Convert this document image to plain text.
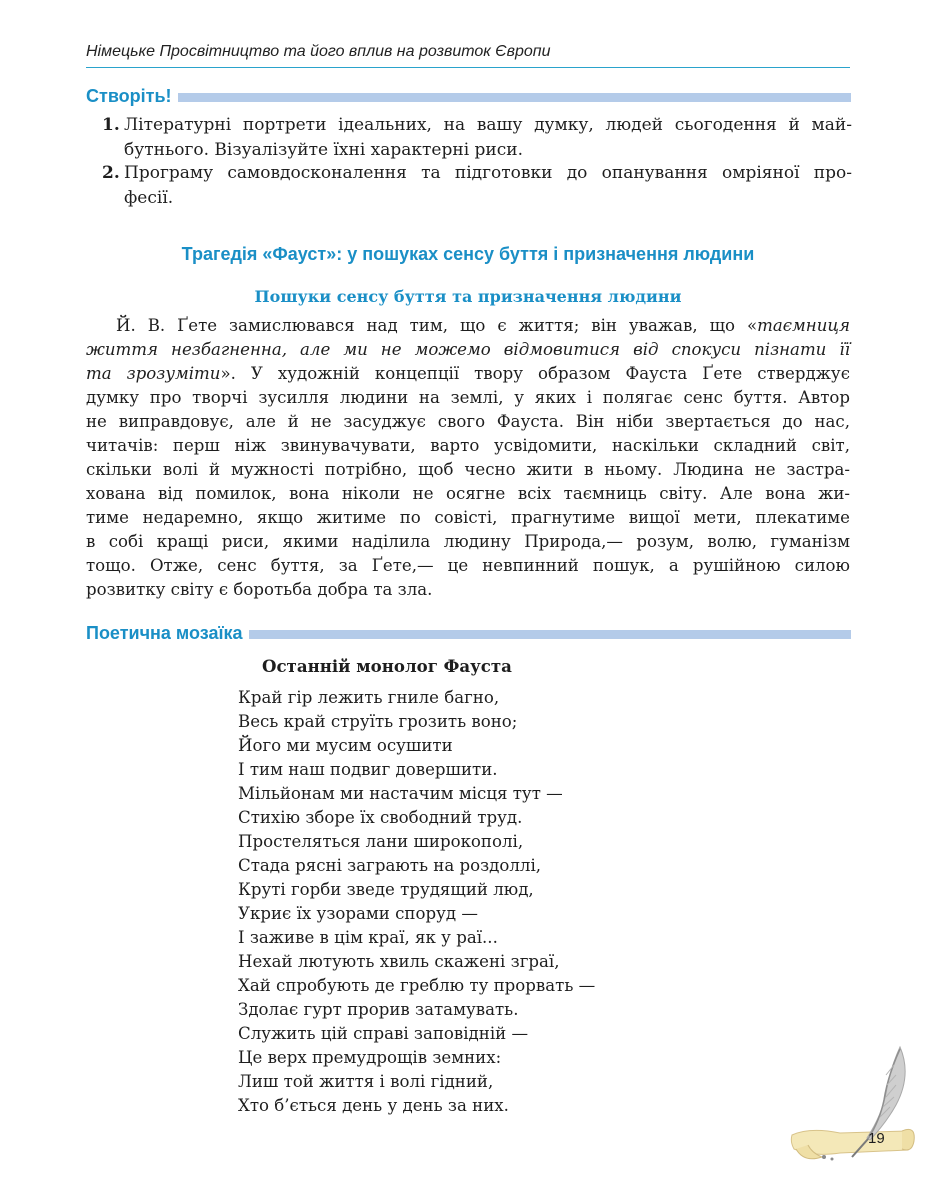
Німецьке Просвітництво та його вплив на розвиток Європи
Створіть!
1. Літературні портрети ідеальних, на вашу думку, людей сьогодення й май-
бутнього. Візуалізуйте їхні характерні риси.
2. Програму самовдосконалення та підготовки до опанування омріяної про-
фесії.
Трагедія «Фауст»: у пошуках сенсу буття і призначення людини
Пошуки сенсу буття та призначення людини
Й. В. Ґете замислювався над тим, що є життя; він уважав, що «таємниця
життя незбагненна, але ми не можемо відмовитися від спокуси пізнати її
та зрозуміти». У художній концепції твору образом Фауста Ґете стверджує
думку про творчі зусилля людини на землі, у яких і полягає сенс буття. Автор
не виправдовує, але й не засуджує свого Фауста. Він ніби звертається до нас,
читачів: перш ніж звинувачувати, варто усвідомити, наскільки складний світ,
скільки волі й мужності потрібно, щоб чесно жити в ньому. Людина не застра-
хована від помилок, вона ніколи не осягне всіх таємниць світу. Але вона жи-
тиме недаремно, якщо житиме по совісті, прагнутиме вищої мети, плекатиме
в собі кращі риси, якими наділила людину Природа,— розум, волю, гуманізм
тощо. Отже, сенс буття, за Ґете,— це невпинний пошук, а рушійною силою
розвитку світу є боротьба добра та зла.
Поетична мозаїка
Останній монолог Фауста
Край гір лежить гниле багно,
Весь край струїть грозить воно;
Його ми мусим осушити
І тим наш подвиг довершити.
Мільйонам ми настачим місця тут —
Стихію зборе їх свободний труд.
Простеляться лани широкополі,
Стада рясні заграють на роздоллі,
Круті горби зведе трудящий люд,
Укриє їх узорами споруд —
І заживе в цім краї, як у раї...
Нехай лютують хвиль скажені зграї,
Хай спробують де греблю ту прорвать —
Здолає гурт прорив затамувать.
Служить цій справі заповідній —
Це верх премудрощів земних:
Лиш той життя і волі гідний,
Хто б’ється день у день за них.
19
